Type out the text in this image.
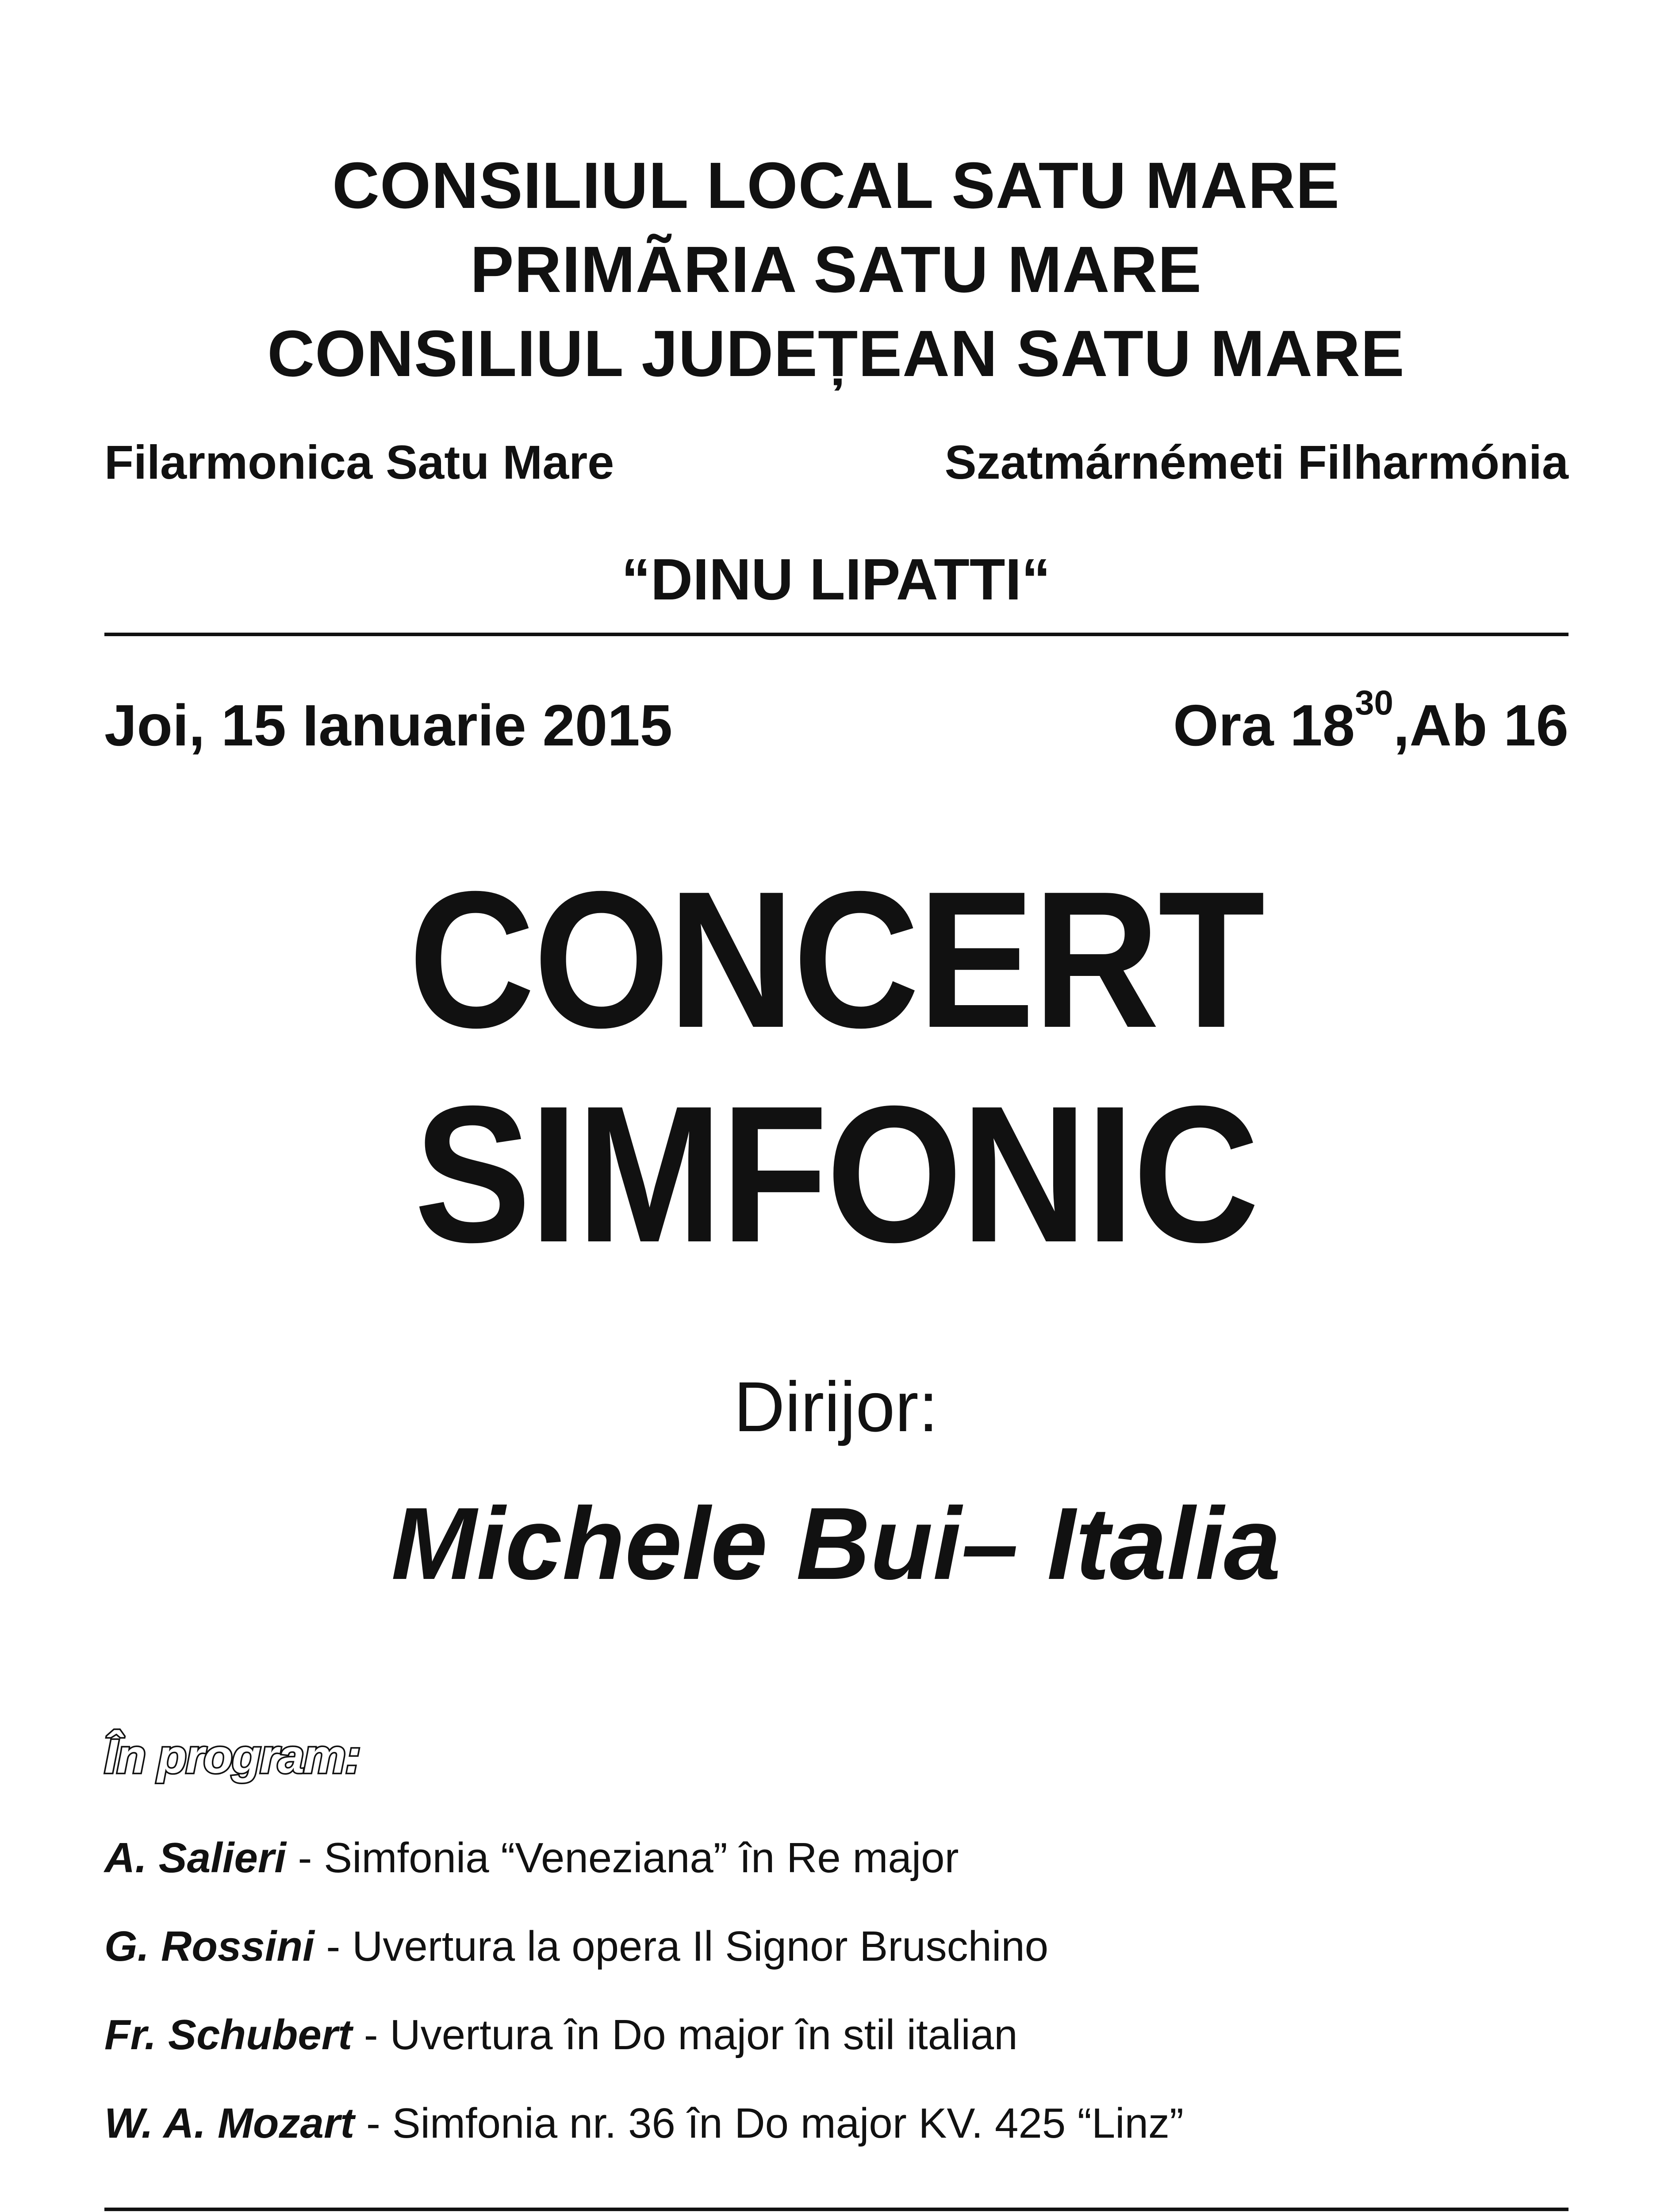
CONSILIUL LOCAL SATU MARE
PRIMÃRIA SATU MARE
CONSILIUL JUDEȚEAN SATU MARE
Filarmonica Satu Mare	Szatmárnémeti Filharmónia
“DINU LIPATTI“
Joi, 15 Ianuarie 2015	Ora $18^{30},Ab$ 16
CONCERT
SIMFONIC
Dirijor:
Michele Bui– Italia
În program:
A. Salieri - Simfonia “Veneziana” în Re major
G. Rossini - Uvertura la opera Il Signor Bruschino
Fr. Schubert - Uvertura în Do major în stil italian
W. A. Mozart - Simfonia nr. 36 în Do major KV. 425 “Linz”
